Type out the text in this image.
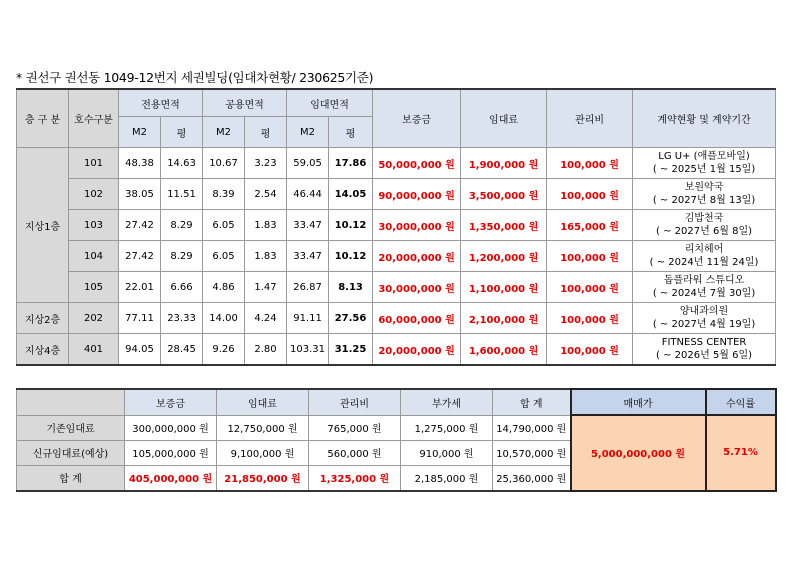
* 권선구 권선동 1049-12번지 세권빌딩(임대차현황/ 230625기준)
층 구 분	호수구분	전용면적		공용면적		임대면적		보증금	임대료	관리비	계약현황 및 계약기간
		M2	평	M2	평	M2	평				
지상1층	101	48.38	14.63	10.67	3.23	59.05	17.86	50,000,000 원	1,900,000 원	100,000 원	LG U+ (애플모바일)
( ~ 2025년 1월 15일)

	102	38.05	11.51	8.39	2.54	46.44	14.05	90,000,000 원	3,500,000 원	100,000 원	보원약국
( ~ 2027년 8월 13일)

	103	27.42	8.29	6.05	1.83	33.47	10.12	30,000,000 원	1,350,000 원	165,000 원	김밥천국
( ~ 2027년 6월 8일)

	104	27.42	8.29	6.05	1.83	33.47	10.12	20,000,000 원	1,200,000 원	100,000 원	리치헤어
( ~ 2024년 11월 24일)

	105	22.01	6.66	4.86	1.47	26.87	8.13	30,000,000 원	1,100,000 원	100,000 원	돕플라워 스튜디오
( ~ 2024년 7월 30일)

지상2층	202	77.11	23.33	14.00	4.24	91.11	27.56	60,000,000 원	2,100,000 원	100,000 원	양내과의원
( ~ 2027년 4월 19일)

지상4층	401	94.05	28.45	9.26	2.80	103.31	31.25	20,000,000 원	1,600,000 원	100,000 원	FITNESS CENTER
( ~ 2026년 5월 6일)
	보증금	임대료	관리비	부가세	합 계	매매가	수익률
기존임대료	300,000,000 원	12,750,000 원	765,000 원	1,275,000 원	14,790,000 원	5,000,000,000 원	5.71%
신규임대료(예상)	105,000,000 원	9,100,000 원	560,000 원	910,000 원	10,570,000 원		
합 계	405,000,000 원	21,850,000 원	1,325,000 원	2,185,000 원	25,360,000 원		
